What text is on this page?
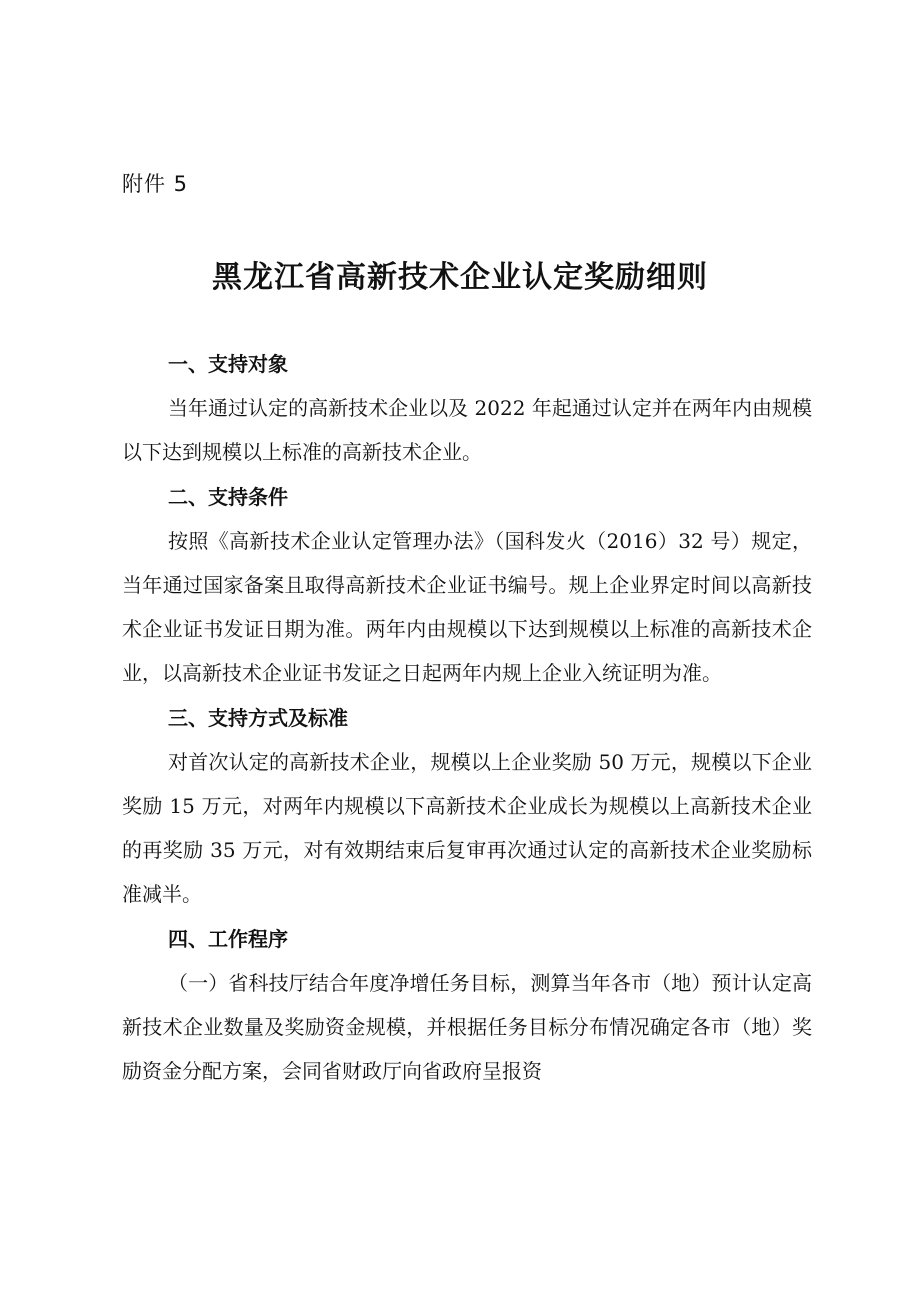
附件 5

黑龙江省高新技术企业认定奖励细则
一、支持对象

当年通过认定的高新技术企业以及 2022 年起通过认定并在两年内由规模以下达到规模以上标准的高新技术企业。

二、支持条件

按照《高新技术企业认定管理办法》（国科发火（2016）32 号）规定，当年通过国家备案且取得高新技术企业证书编号。规上企业界定时间以高新技术企业证书发证日期为准。两年内由规模以下达到规模以上标准的高新技术企业，以高新技术企业证书发证之日起两年内规上企业入统证明为准。

三、支持方式及标准

对首次认定的高新技术企业，规模以上企业奖励 50 万元，规模以下企业奖励 15 万元，对两年内规模以下高新技术企业成长为规模以上高新技术企业的再奖励 35 万元，对有效期结束后复审再次通过认定的高新技术企业奖励标准减半。

四、工作程序

（一）省科技厅结合年度净增任务目标，测算当年各市（地）预计认定高新技术企业数量及奖励资金规模，并根据任务目标分布情况确定各市（地）奖励资金分配方案，会同省财政厅向省政府呈报资
